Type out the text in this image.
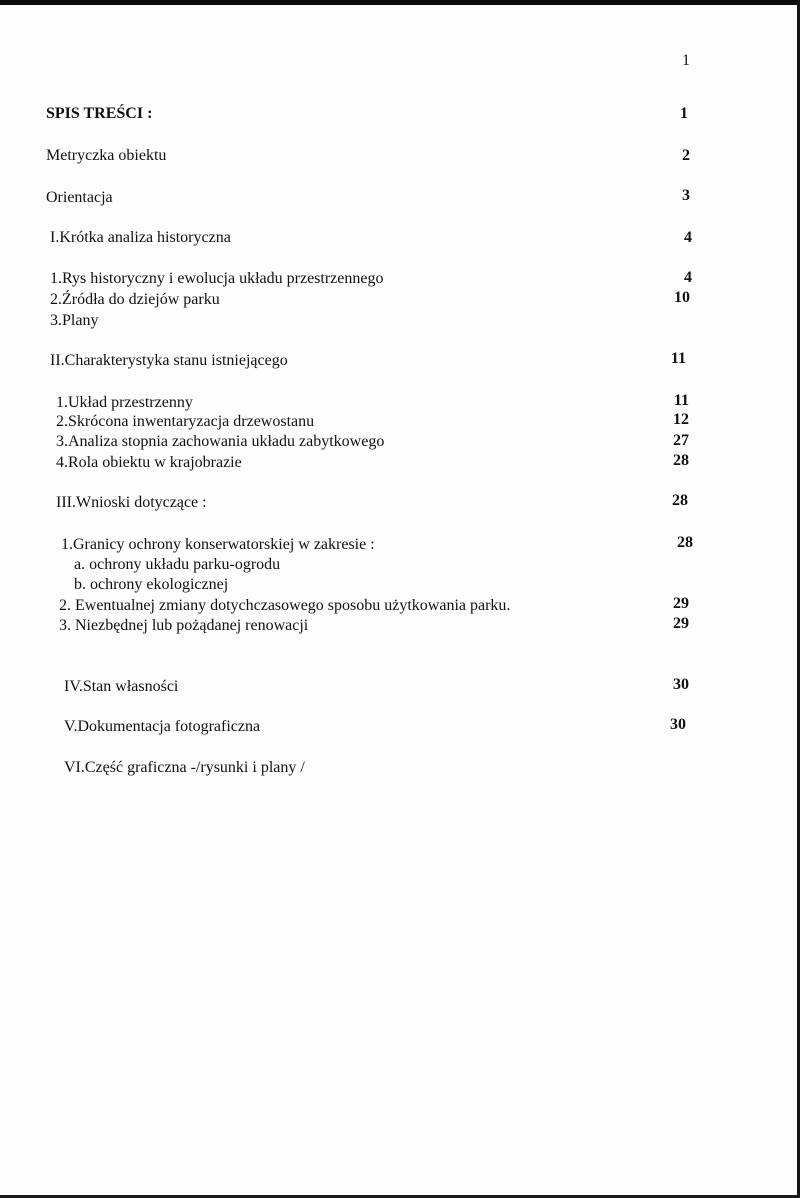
1
SPIS TREŚCI :	1
Metryczka obiektu	2
Orientacja	3
I.Krótka analiza historyczna	4
1.Rys historyczny i ewolucja układu przestrzennego	4
2.Źródła do dziejów parku	10
3.Plany
II.Charakterystyka stanu istniejącego	11
1.Układ przestrzenny	11
2.Skrócona inwentaryzacja drzewostanu	12
3.Analiza stopnia zachowania układu zabytkowego	27
4.Rola obiektu w krajobrazie	28
III.Wnioski dotyczące :	28
1.Granicy ochrony konserwatorskiej w zakresie :	28
a. ochrony układu parku-ogrodu
b. ochrony ekologicznej
2. Ewentualnej zmiany dotychczasowego sposobu użytkowania parku.	29
3. Niezbędnej lub pożądanej renowacji	29
IV.Stan własności	30
V.Dokumentacja fotograficzna	30
VI.Część graficzna -/rysunki i plany /
